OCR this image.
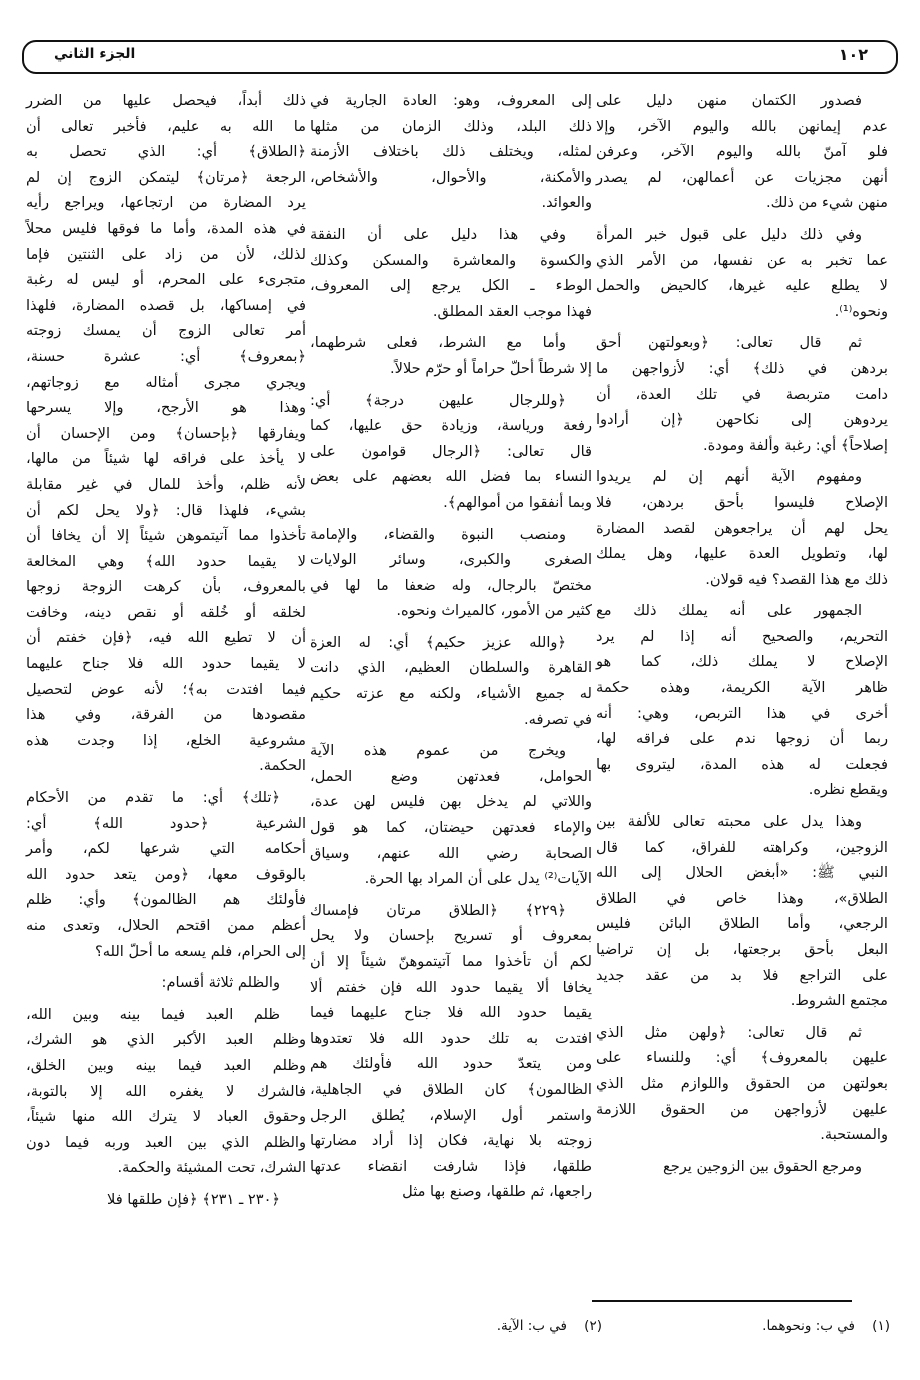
١٠٢
الجزء الثاني
فصدور الكتمان منهن دليل على
عدم إيمانهن بالله واليوم الآخر، وإلا
فلو آمنّ بالله واليوم الآخر، وعرفن
أنهن مجزيات عن أعمالهن، لم يصدر
منهن شيء من ذلك.
وفي ذلك دليل على قبول خبر المرأة
عما تخبر به عن نفسها، من الأمر الذي
لا يطلع عليه غيرها، كالحيض والحمل
ونحوه⁽¹⁾.
ثم قال تعالى: ﴿وبعولتهن أحق
بردهن في ذلك﴾ أي: لأزواجهن ما
دامت متربصة في تلك العدة، أن
يردوهن إلى نكاحهن ﴿إن أرادوا
إصلاحاً﴾ أي: رغبة وألفة ومودة.
ومفهوم الآية أنهم إن لم يريدوا
الإصلاح فليسوا بأحق بردهن، فلا
يحل لهم أن يراجعوهن لقصد المضارة
لها، وتطويل العدة عليها، وهل يملك
ذلك مع هذا القصد؟ فيه قولان.
الجمهور على أنه يملك ذلك مع
التحريم، والصحيح أنه إذا لم يرد
الإصلاح لا يملك ذلك، كما هو
ظاهر الآية الكريمة، وهذه حكمة
أخرى في هذا التربص، وهي: أنه
ربما أن زوجها ندم على فراقه لها،
فجعلت له هذه المدة، ليتروى بها
ويقطع نظره.
وهذا يدل على محبته تعالى للألفة بين
الزوجين، وكراهته للفراق، كما قال
النبي ﷺ: «أبغض الحلال إلى الله
الطلاق»، وهذا خاص في الطلاق
الرجعي، وأما الطلاق البائن فليس
البعل بأحق برجعتها، بل إن تراضيا
على التراجع فلا بد من عقد جديد
مجتمع الشروط.
ثم قال تعالى: ﴿ولهن مثل الذي
عليهن بالمعروف﴾ أي: وللنساء على
بعولتهن من الحقوق واللوازم مثل الذي
عليهن لأزواجهن من الحقوق اللازمة
والمستحبة.
ومرجع الحقوق بين الزوجين يرجع
إلى المعروف، وهو: العادة الجارية في
ذلك البلد، وذلك الزمان من مثلها
لمثله، ويختلف ذلك باختلاف الأزمنة
والأمكنة، والأحوال، والأشخاص،
والعوائد.
وفي هذا دليل على أن النفقة
والكسوة والمعاشرة والمسكن وكذلك
الوطء ـ الكل يرجع إلى المعروف،
فهذا موجب العقد المطلق.
وأما مع الشرط، فعلى شرطهما،
إلا شرطاً أحلّ حراماً أو حرّم حلالاً.
﴿وللرجال عليهن درجة﴾ أي:
رفعة ورياسة، وزيادة حق عليها، كما
قال تعالى: ﴿الرجال قوامون على
النساء بما فضل الله بعضهم على بعض
وبما أنفقوا من أموالهم﴾.
ومنصب النبوة والقضاء، والإمامة
الصغرى والكبرى، وسائر الولايات
مختصّ بالرجال، وله ضعفا ما لها في
كثير من الأمور، كالميراث ونحوه.
﴿والله عزيز حكيم﴾ أي: له العزة
القاهرة والسلطان العظيم، الذي دانت
له جميع الأشياء، ولكنه مع عزته حكيم
في تصرفه.
ويخرج من عموم هذه الآية
الحوامل، فعدتهن وضع الحمل،
واللاتي لم يدخل بهن فليس لهن عدة،
والإماء فعدتهن حيضتان، كما هو قول
الصحابة رضي الله عنهم، وسياق
الآيات⁽²⁾ يدل على أن المراد بها الحرة.
﴿٢٢٩﴾ ﴿الطلاق مرتان فإمساك
بمعروف أو تسريح بإحسان ولا يحل
لكم أن تأخذوا مما آتيتموهنّ شيئاً إلا أن
يخافا ألا يقيما حدود الله فإن خفتم ألا
يقيما حدود الله فلا جناح عليهما فيما
افتدت به تلك حدود الله فلا تعتدوها
ومن يتعدّ حدود الله فأولئك هم
الظالمون﴾ كان الطلاق في الجاهلية،
واستمر أول الإسلام، يُطلق الرجل
زوجته بلا نهاية، فكان إذا أراد مضارتها
طلقها، فإذا شارفت انقضاء عدتها
راجعها، ثم طلقها، وصنع بها مثل
ذلك أبداً، فيحصل عليها من الضرر
ما الله به عليم، فأخبر تعالى أن
﴿الطلاق﴾ أي: الذي تحصل به
الرجعة ﴿مرتان﴾ ليتمكن الزوج إن لم
يرد المضارة من ارتجاعها، ويراجع رأيه
في هذه المدة، وأما ما فوقها فليس محلاً
لذلك، لأن من زاد على الثنتين فإما
متجرىء على المحرم، أو ليس له رغبة
في إمساكها، بل قصده المضارة، فلهذا
أمر تعالى الزوج أن يمسك زوجته
﴿بمعروف﴾ أي: عشرة حسنة،
ويجري مجرى أمثاله مع زوجاتهم،
وهذا هو الأرجح، وإلا يسرحها
ويفارقها ﴿بإحسان﴾ ومن الإحسان أن
لا يأخذ على فراقه لها شيئاً من مالها،
لأنه ظلم، وأخذ للمال في غير مقابلة
بشيء، فلهذا قال: ﴿ولا يحل لكم أن
تأخذوا مما آتيتموهن شيئاً إلا أن يخافا أن
لا يقيما حدود الله﴾ وهي المخالعة
بالمعروف، بأن كرهت الزوجة زوجها
لخلقه أو خُلقه أو نقص دينه، وخافت
أن لا تطيع الله فيه، ﴿فإن خفتم أن
لا يقيما حدود الله فلا جناح عليهما
فيما افتدت به﴾؛ لأنه عوض لتحصيل
مقصودها من الفرقة، وفي هذا
مشروعية الخلع، إذا وجدت هذه
الحكمة.
﴿تلك﴾ أي: ما تقدم من الأحكام
الشرعية ﴿حدود الله﴾ أي:
أحكامه التي شرعها لكم، وأمر
بالوقوف معها، ﴿ومن يتعد حدود الله
فأولئك هم الظالمون﴾ وأي: ظلم
أعظم ممن اقتحم الحلال، وتعدى منه
إلى الحرام، فلم يسعه ما أحلّ الله؟
والظلم ثلاثة أقسام:
ظلم العبد فيما بينه وبين الله،
وظلم العبد الأكبر الذي هو الشرك،
وظلم العبد فيما بينه وبين الخلق،
فالشرك لا يغفره الله إلا بالتوبة،
وحقوق العباد لا يترك الله منها شيئاً،
والظلم الذي بين العبد وربه فيما دون
الشرك، تحت المشيئة والحكمة.
﴿٢٣٠ ـ ٢٣١﴾ ﴿فإن طلقها فلا
(١)    في ب: ونحوهما.
(٢)    في ب: الآية.
